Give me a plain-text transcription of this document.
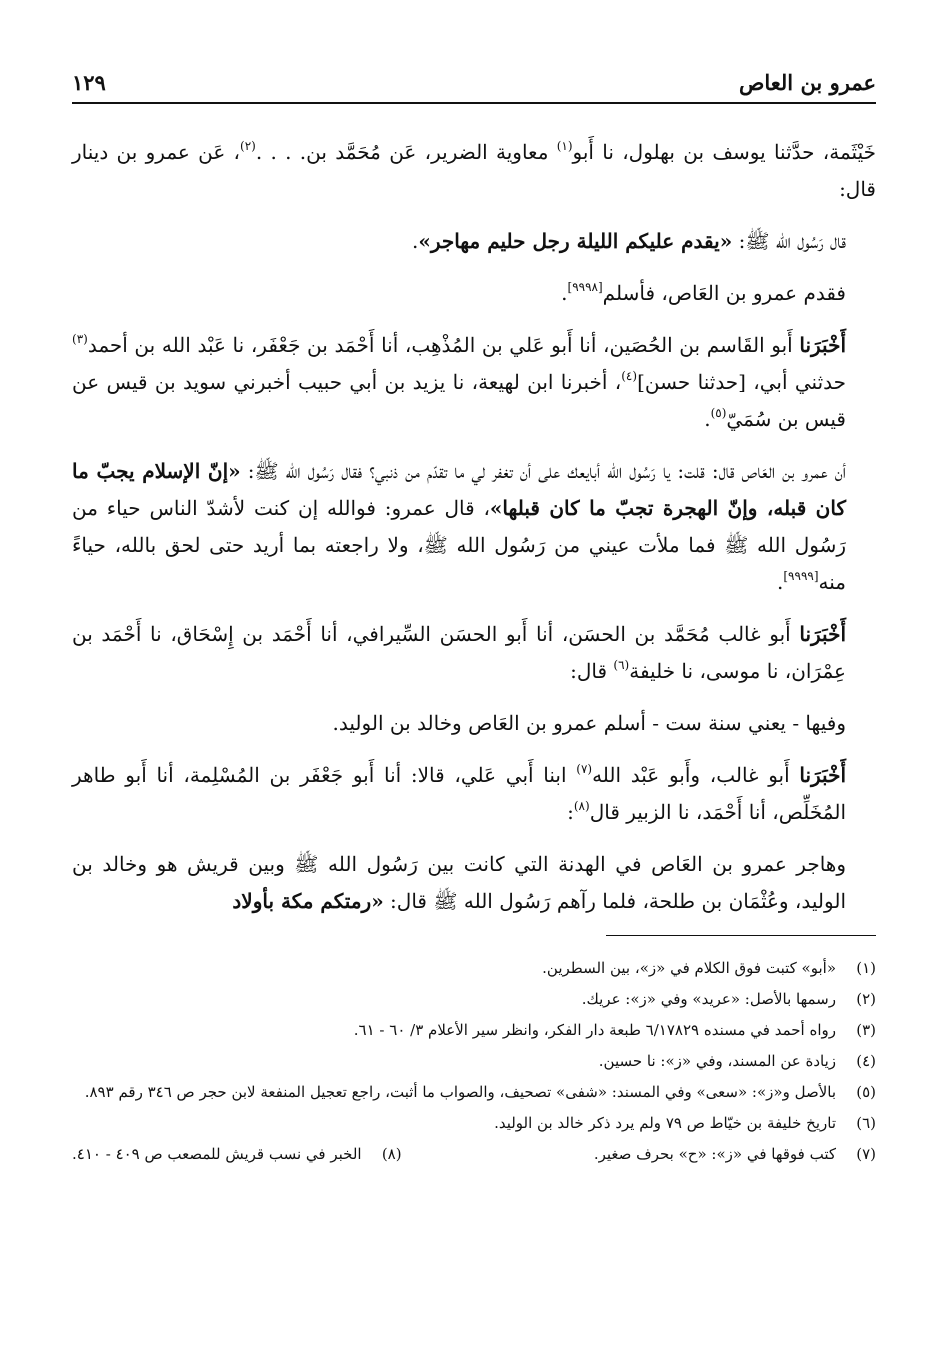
عمرو بن العاص
١٢٩

خَيْثَمة، حدَّثنا يوسف بن بهلول، نا أَبو$^{(١)}$ معاوية الضرير، عَن مُحَمَّد بن. . . .$^{(٢)}$، عَن عمرو بن دينار قال:

قال رَسُول الله ﷺ: «يقدم عليكم الليلة رجل حليم مهاجر».

فقدم عمرو بن العَاص، فأسلم[٩٩٩٨].

أَخْبَرَنا أَبو القَاسم بن الحُصَين، أنا أَبو عَلي بن المُذْهِب، أنا أَحْمَد بن جَعْفَر، نا عَبْد الله بن أحمد$^{(٣)}$ حدثني أبي، [حدثنا حسن]$^{(٤)}$، أخبرنا ابن لهيعة، نا يزيد بن أبي حبيب أخبرني سويد بن قيس عن قيس بن سُمَيّ$^{(٥)}$.

أن عمرو بن العَاص قال: قلت: يا رَسُول الله أبايعك على أن تغفر لي ما تقدّم من ذنبي؟ فقال رَسُول الله ﷺ: «إنّ الإسلام يجبّ ما كان قبله، وإنّ الهجرة تجبّ ما كان قبلها»، قال عمرو: فوالله إن كنت لأشدّ الناس حياء من رَسُول الله ﷺ فما ملأت عيني من رَسُول الله ﷺ، ولا راجعته بما أريد حتى لحق بالله، حياءً منه[٩٩٩٩].

أَخْبَرَنا أَبو غالب مُحَمَّد بن الحسَن، أنا أَبو الحسَن السِّيرافي، أنا أَحْمَد بن إِسْحَاق، نا أَحْمَد بن عِمْرَان، نا موسى، نا خليفة$^{(٦)}$ قال:

وفيها - يعني سنة ست - أسلم عمرو بن العَاص وخالد بن الوليد.

أَخْبَرَنا أَبو غالب، وأَبو عَبْد الله$^{(٧)}$ ابنا أَبي عَلي، قالا: أنا أَبو جَعْفَر بن المُسْلِمة، أنا أَبو طاهر المُخَلِّص، أنا أَحْمَد، نا الزبير قال$^{(٨)}$:

وهاجر عمرو بن العَاص في الهدنة التي كانت بين رَسُول الله ﷺ وبين قريش هو وخالد بن الوليد، وعُثْمَان بن طلحة، فلما رآهم رَسُول الله ﷺ قال: «رمتكم مكة بأولاد

(١)
«أبو» كتبت فوق الكلام في «ز»، بين السطرين.
(٢)
رسمها بالأصل: «عريد» وفي «ز»: عريك.
(٣)
رواه أحمد في مسنده ٦/١٧٨٢٩ طبعة دار الفكر، وانظر سير الأعلام ٣/ ٦٠ - ٦١.
(٤)
زيادة عن المسند، وفي «ز»: نا حسين.
(٥)
بالأصل و«ز»: «سعى» وفي المسند: «شفى» تصحيف، والصواب ما أثبت، راجع تعجيل المنفعة لابن حجر ص ٣٤٦ رقم ٨٩٣.
(٦)
تاريخ خليفة بن خيّاط ص ٧٩ ولم يرد ذكر خالد بن الوليد.
(٧)
كتب فوقها في «ز»: «ح» بحرف صغير.
(٨)
الخبر في نسب قريش للمصعب ص ٤٠٩ - ٤١٠.
